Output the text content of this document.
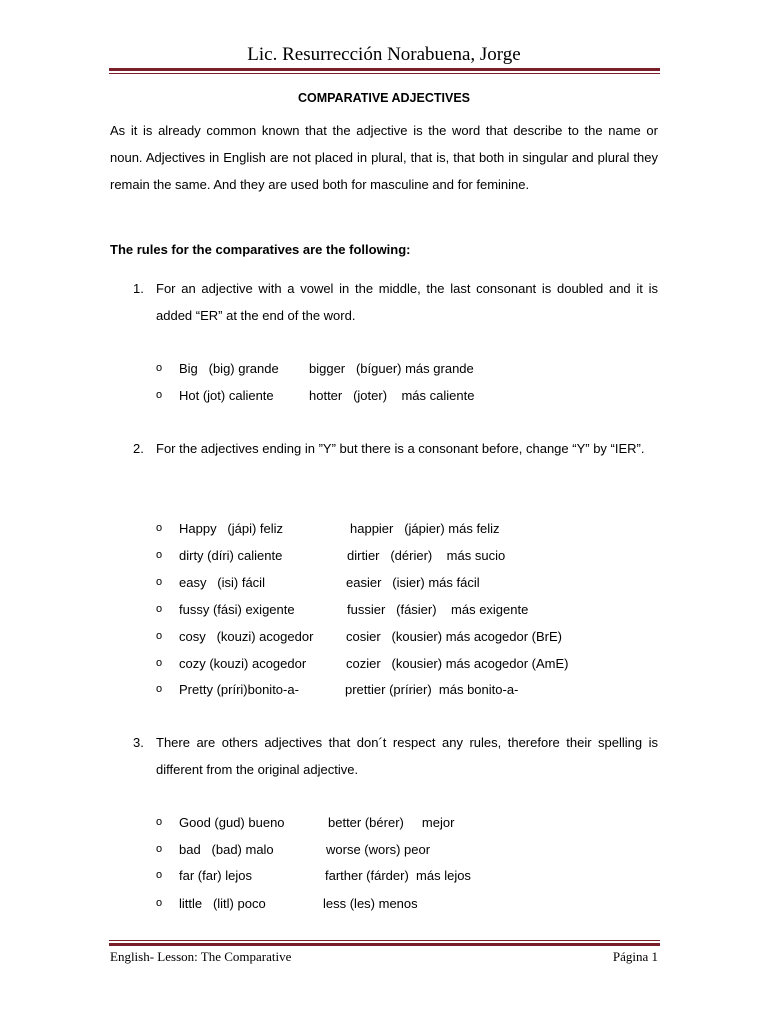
Lic. Resurrección Norabuena, Jorge
COMPARATIVE ADJECTIVES
As it is already common known that the adjective is the word that describe to the name or noun. Adjectives in English are not placed in plural, that is, that both in singular and plural they remain the same. And they are used both for masculine and for feminine.
The rules for the comparatives are the following:
1. For an adjective with a vowel in the middle, the last consonant is doubled and it is added “ER” at the end of the word.
o Big   (big) grande bigger   (bíguer) más grande
o Hot (jot) caliente	hotter   (joter)    más caliente
2. For the adjectives ending in ”Y” but there is a consonant before, change “Y” by “IER”.
o Happy   (jápi) feliz	happier   (jápier) más feliz
o dirty (díri) caliente	dirtier   (dérier)    más sucio
o easy   (isi) fácil	easier   (isier) más fácil
o fussy (fási) exigente	fussier   (fásier)    más exigente
o cosy   (kouzi) acogedor	cosier   (kousier) más acogedor (BrE)
o cozy (kouzi) acogedor	cozier   (kousier) más acogedor (AmE)
o Pretty (príri)bonito-a-	prettier (prírier)  más bonito-a-
3. There are others adjectives that don´t respect any rules, therefore their spelling is different from the original adjective.
o Good (gud) bueno	better (bérer)     mejor
o bad   (bad) malo	worse (wors) peor
o far (far) lejos	farther (fárder)  más lejos
o little   (litl) poco	less (les) menos
English- Lesson: The Comparative	Página 1
